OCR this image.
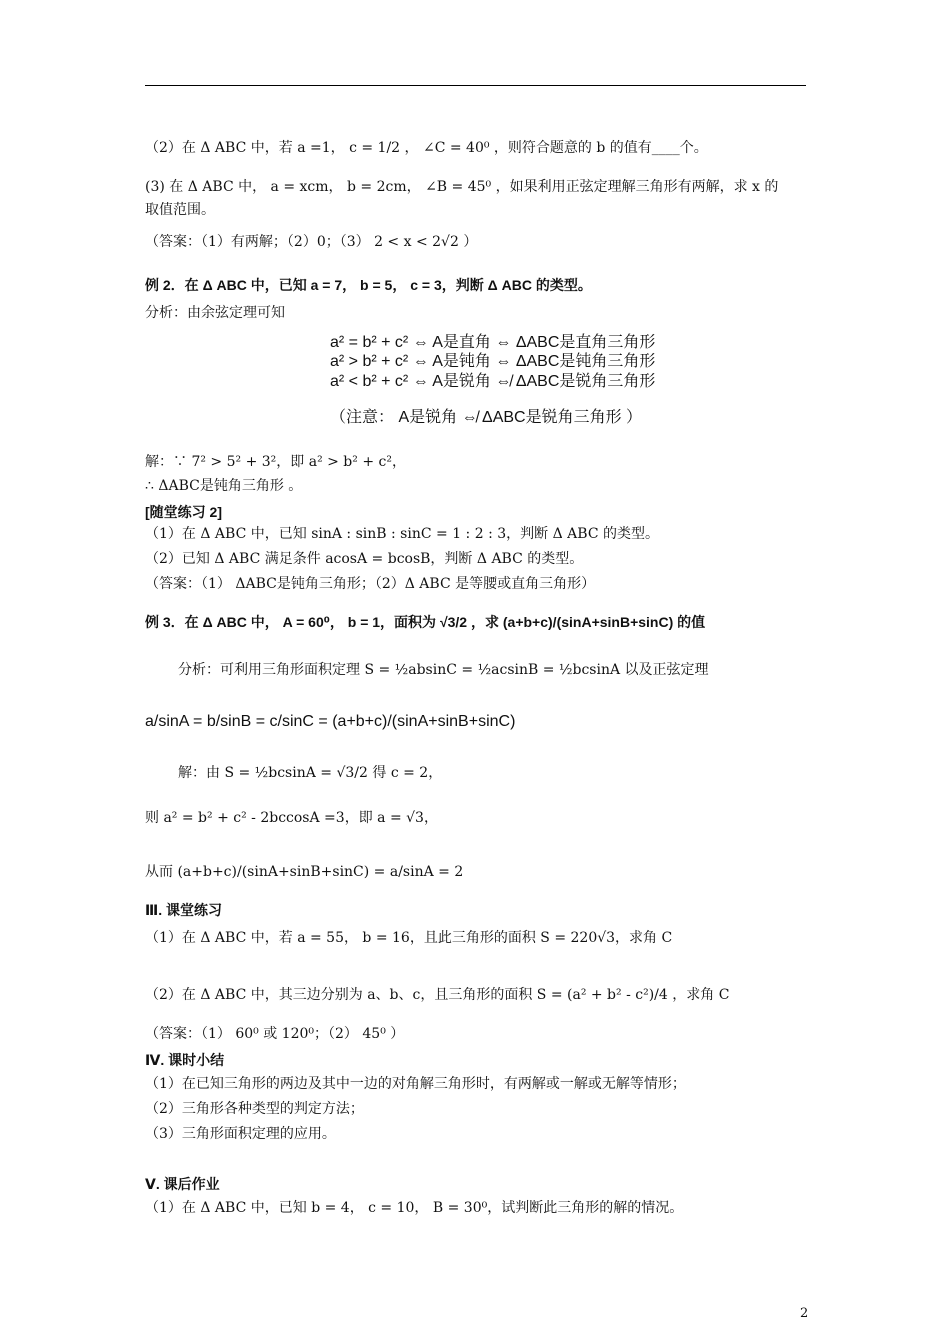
（2）在 Δ ABC 中，若 a =1， c = 1/2 ， ∠C = 40⁰ ，则符合题意的 b 的值有____个。
(3) 在 Δ ABC 中， a = xcm， b = 2cm， ∠B = 45⁰ ，如果利用正弦定理解三角形有两解，求 x 的
取值范围。
（答案：（1）有两解；（2）0；（3） 2 < x < 2√2 ）
例 2．在 Δ ABC 中，已知 a = 7， b = 5， c = 3，判断 Δ ABC 的类型。
分析：由余弦定理可知
a² = b² + c² ⇔ A是直角 ⇔ ΔABC是直角三角形
a² > b² + c² ⇔ A是钝角 ⇔ ΔABC是钝角三角形
a² < b² + c² ⇔ A是锐角 ⇎ ΔABC是锐角三角形
（注意： A是锐角 ⇎ ΔABC是锐角三角形 ）
解：∵ 7² > 5² + 3²，即 a² > b² + c²，
∴ ΔABC是钝角三角形 。
[随堂练习 2]
（1）在 Δ ABC 中，已知 sinA : sinB : sinC = 1 : 2 : 3，判断 Δ ABC 的类型。
（2）已知 Δ ABC 满足条件 acosA = bcosB，判断 Δ ABC 的类型。
（答案：（1） ΔABC是钝角三角形；（2）Δ ABC 是等腰或直角三角形）
例 3．在 Δ ABC 中， A = 60⁰， b = 1，面积为 √3/2 ，求 (a+b+c)/(sinA+sinB+sinC) 的值
分析：可利用三角形面积定理 S = ½absinC = ½acsinB = ½bcsinA 以及正弦定理
a/sinA = b/sinB = c/sinC = (a+b+c)/(sinA+sinB+sinC)
解：由 S = ½bcsinA = √3/2 得 c = 2，
则 a² = b² + c² - 2bccosA =3，即 a = √3，
从而 (a+b+c)/(sinA+sinB+sinC) = a/sinA = 2
Ⅲ. 课堂练习
（1）在 Δ ABC 中，若 a = 55， b = 16，且此三角形的面积 S = 220√3，求角 C
（2）在 Δ ABC 中，其三边分别为 a、b、c，且三角形的面积 S = (a² + b² - c²)/4 ，求角 C
（答案：（1） 60⁰ 或 120⁰；（2） 45⁰ ）
Ⅳ. 课时小结
（1）在已知三角形的两边及其中一边的对角解三角形时，有两解或一解或无解等情形；
（2）三角形各种类型的判定方法；
（3）三角形面积定理的应用。
Ⅴ. 课后作业
（1）在 Δ ABC 中，已知 b = 4， c = 10， B = 30⁰，试判断此三角形的解的情况。
2
